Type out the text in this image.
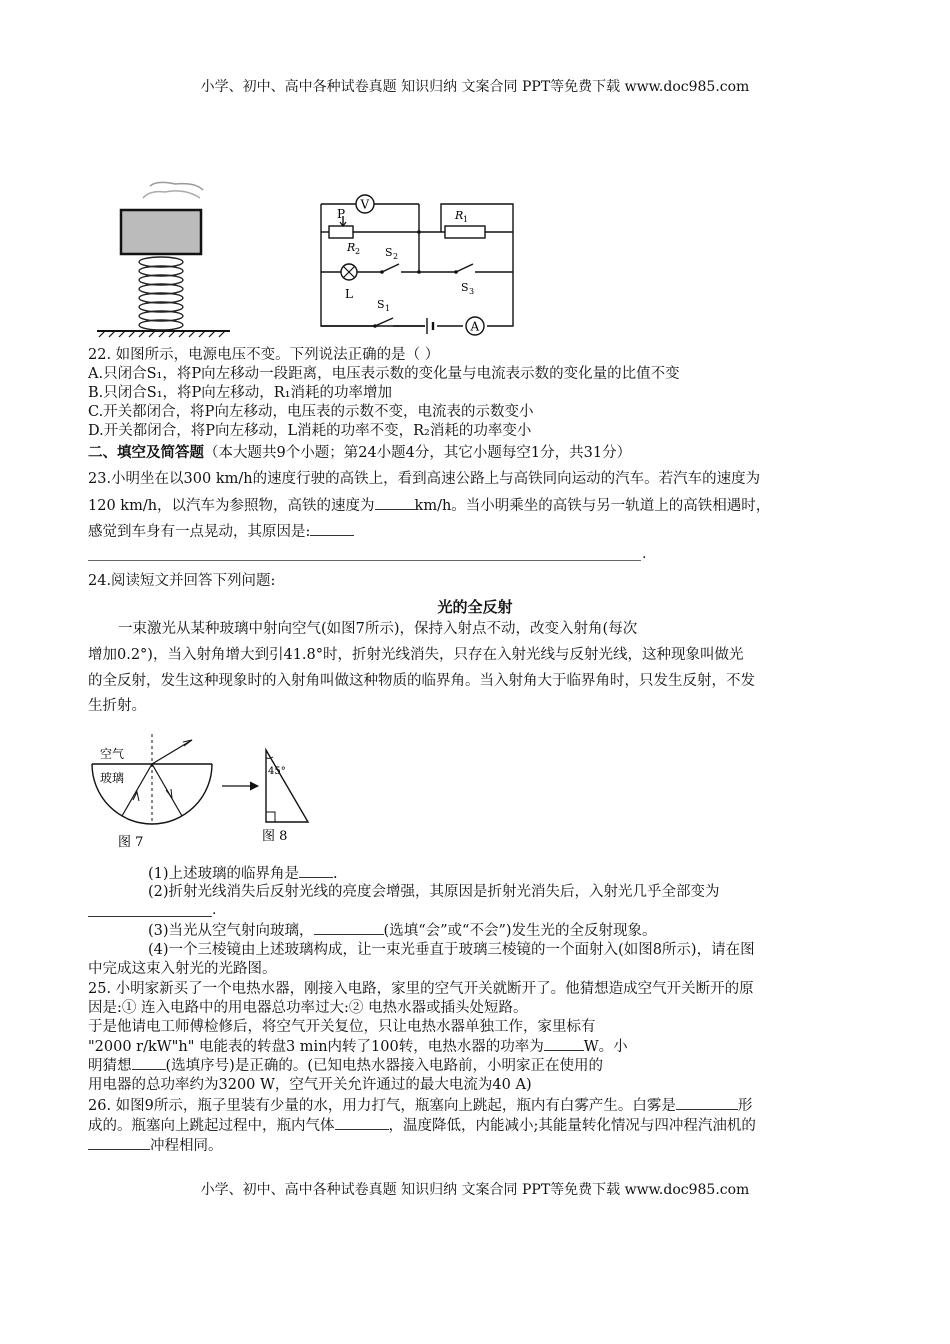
小学、初中、高中各种试卷真题 知识归纳 文案合同 PPT等免费下载 www.doc985.com
V
P
R 2
R 1
L
S 2
S 3
S 1
A
22. 如图所示，电源电压不变。下列说法正确的是（ ）
A.只闭合S₁，将P向左移动一段距离，电压表示数的变化量与电流表示数的变化量的比值不变
B.只闭合S₁，将P向左移动，R₁消耗的功率增加
C.开关都闭合，将P向左移动，电压表的示数不变，电流表的示数变小
D.开关都闭合，将P向左移动，L消耗的功率不变，R₂消耗的功率变小
二、填空及简答题（本大题共9个小题；第24小题4分，其它小题每空1分，共31分）
23.小明坐在以300 km/h的速度行驶的高铁上，看到高速公路上与高铁同向运动的汽车。若汽车的速度为
120 km/h，以汽车为参照物，高铁的速度为	km/h。当小明乘坐的高铁与另一轨道上的高铁相遇时，
感觉到车身有一点晃动，其原因是:
.
24.阅读短文并回答下列问题:
光的全反射
一束激光从某种玻璃中射向空气(如图7所示)，保持入射点不动，改变入射角(每次
增加0.2°)，当入射角增大到引41.8°时，折射光线消失，只存在入射光线与反射光线，这种现象叫做光
的全反射，发生这种现象时的入射角叫做这种物质的临界角。当入射角大于临界角时，只发生反射，不发
生折射。
空气
玻璃
图 7
45°
图 8
(1)上述玻璃的临界角是 .
(2)折射光线消失后反射光线的亮度会增强，其原因是折射光消失后，入射光几乎全部变为
.
(3)当光从空气射向玻璃，	(选填“会”或“不会”)发生光的全反射现象。
(4)一个三棱镜由上述玻璃构成，让一束光垂直于玻璃三棱镜的一个面射入(如图8所示)，请在图
中完成这束入射光的光路图。
25. 小明家新买了一个电热水器，刚接入电路，家里的空气开关就断开了。他猜想造成空气开关断开的原
因是:① 连入电路中的用电器总功率过大:② 电热水器或插头处短路。
于是他请电工师傅检修后，将空气开关复位，只让电热水器单独工作，家里标有
"2000 r/kW"h" 电能表的转盘3 min内转了100转，电热水器的功率为	W。小
明猜想 (选填序号)是正确的。(已知电热水器接入电路前，小明家正在使用的
用电器的总功率约为3200 W，空气开关允许通过的最大电流为40 A)
26. 如图9所示，瓶子里装有少量的水，用力打气，瓶塞向上跳起，瓶内有白雾产生。白雾是	形
成的。瓶塞向上跳起过程中，瓶内气体	，温度降低，内能减小;其能量转化情况与四冲程汽油机的
冲程相同。
小学、初中、高中各种试卷真题 知识归纳 文案合同 PPT等免费下载 www.doc985.com
